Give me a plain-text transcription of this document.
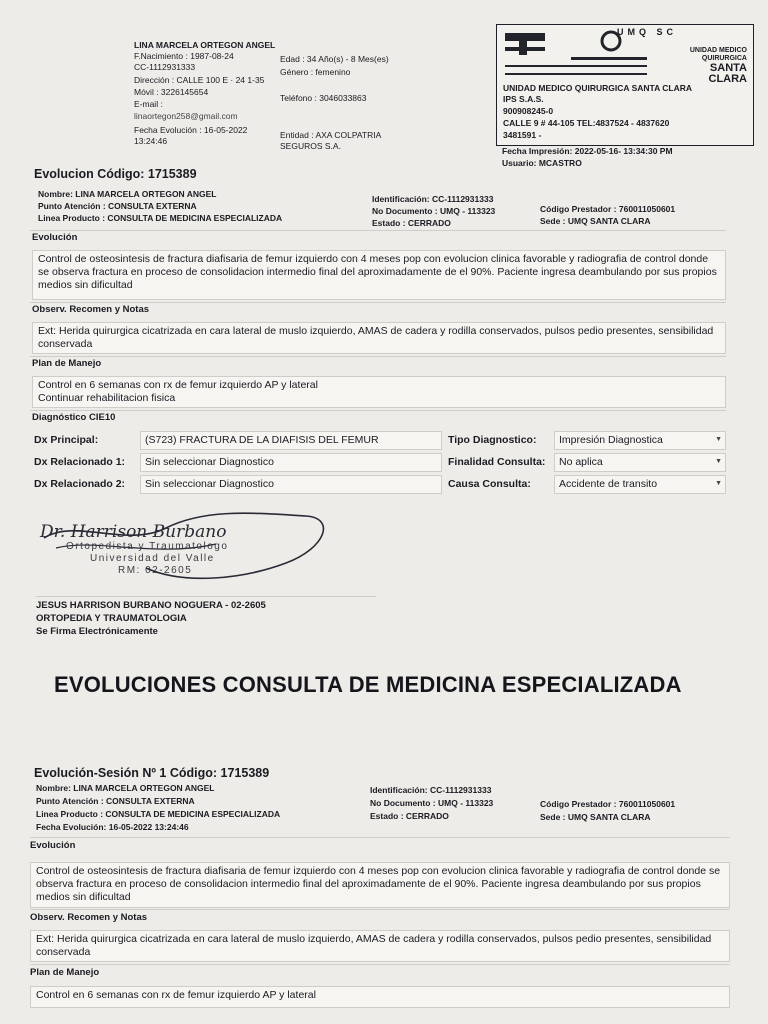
LINA MARCELA ORTEGON ANGEL
F.Nacimiento : 1987-08-24
CC-1112931333
Dirección : CALLE 100 E · 24 1-35
Móvil : 3226145654
E-mail :
linaortegon258@gmail.com
Fecha Evolución : 16-05-2022
13:24:46
Edad : 34 Año(s) - 8 Mes(es)
Género : femenino
Teléfono : 3046033863
Entidad : AXA COLPATRIA
SEGUROS S.A.
UMQ SC
UNIDAD MEDICO
QUIRURGICA
SANTA
CLARA
UNIDAD MEDICO QUIRURGICA SANTA CLARA
IPS S.A.S.
900908245-0
CALLE 9 # 44-105 TEL:4837524 - 4837620
3481591 -
Fecha Impresión: 2022-05-16- 13:34:30 PM
Usuario: MCASTRO
Evolucion Código: 1715389
Nombre: LINA MARCELA ORTEGON ANGEL
Punto Atención : CONSULTA EXTERNA
Linea Producto : CONSULTA DE MEDICINA ESPECIALIZADA
Identificación: CC-1112931333
No Documento : UMQ - 113323
Estado : CERRADO
Código Prestador : 760011050601
Sede : UMQ SANTA CLARA
Evolución
Control de osteosintesis de fractura diafisaria de femur izquierdo con 4 meses pop con evolucion clinica favorable y radiografia de control donde se observa fractura en proceso de consolidacion intermedio final del aproximadamente de el 90%. Paciente ingresa deambulando por sus propios medios sin dificultad
Observ. Recomen y Notas
Ext: Herida quirurgica cicatrizada en cara lateral de muslo izquierdo, AMAS de cadera y rodilla conservados, pulsos pedio presentes, sensibilidad conservada
Plan de Manejo
Control en 6 semanas con rx de femur izquierdo AP y lateral
Continuar rehabilitacion fisica
Diagnóstico CIE10
Dx Principal:	(S723) FRACTURA DE LA DIAFISIS DEL FEMUR	Tipo Diagnostico:	Impresión Diagnostica	▼
Dx Relacionado 1:	Sin seleccionar Diagnostico	Finalidad Consulta:	No aplica	▼
Dx Relacionado 2:	Sin seleccionar Diagnostico	Causa Consulta:	Accidente de transito	▼
Dr. Harrison Burbano
Ortopedista y Traumatologo
Universidad del Valle
RM: 02-2605
JESUS HARRISON BURBANO NOGUERA - 02-2605
ORTOPEDIA Y TRAUMATOLOGIA
Se Firma Electrónicamente
EVOLUCIONES CONSULTA DE MEDICINA ESPECIALIZADA
Evolución-Sesión Nº 1 Código: 1715389
Nombre: LINA MARCELA ORTEGON ANGEL
Punto Atención : CONSULTA EXTERNA
Linea Producto : CONSULTA DE MEDICINA ESPECIALIZADA
Fecha Evolución: 16-05-2022 13:24:46
Identificación: CC-1112931333
No Documento : UMQ - 113323
Estado : CERRADO
Código Prestador : 760011050601
Sede : UMQ SANTA CLARA
Evolución
Control de osteosintesis de fractura diafisaria de femur izquierdo con 4 meses pop con evolucion clinica favorable y radiografia de control donde se observa fractura en proceso de consolidacion intermedio final del aproximadamente de el 90%. Paciente ingresa deambulando por sus propios medios sin dificultad
Observ. Recomen y Notas
Ext: Herida quirurgica cicatrizada en cara lateral de muslo izquierdo, AMAS de cadera y rodilla conservados, pulsos pedio presentes, sensibilidad conservada
Plan de Manejo
Control en 6 semanas con rx de femur izquierdo AP y lateral
